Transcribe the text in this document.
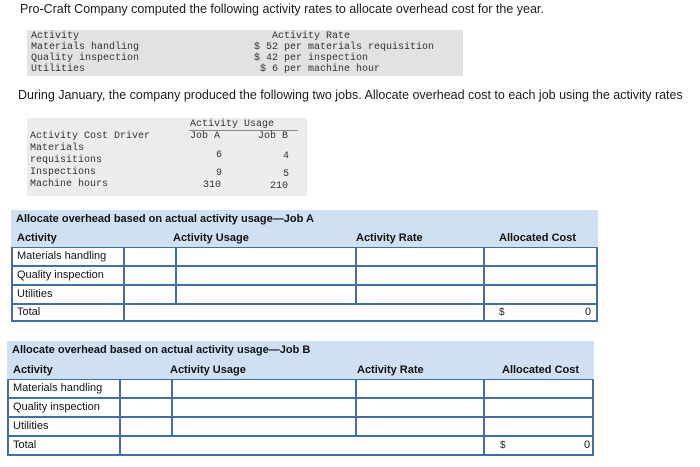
Pro-Craft Company computed the following activity rates to allocate overhead cost for the year.
Activity	Activity Rate
Materials handling	$ 52 per materials requisition
Quality inspection	$ 42 per inspection
Utilities	$ 6 per machine hour
During January, the company produced the following two jobs. Allocate overhead cost to each job using the activity rates
Activity Usage
Activity Cost Driver	Job A	Job B
Materials
requisitions	6	4
Inspections	9	5
Machine hours	310	210
Allocate overhead based on actual activity usage—Job A
Activity	Activity Usage	Activity Rate	Allocated Cost
Materials handling
Quality inspection
Utilities
Total	$	0
Allocate overhead based on actual activity usage—Job B
Activity	Activity Usage	Activity Rate	Allocated Cost
Materials handling
Quality inspection
Utilities
Total	$	0
